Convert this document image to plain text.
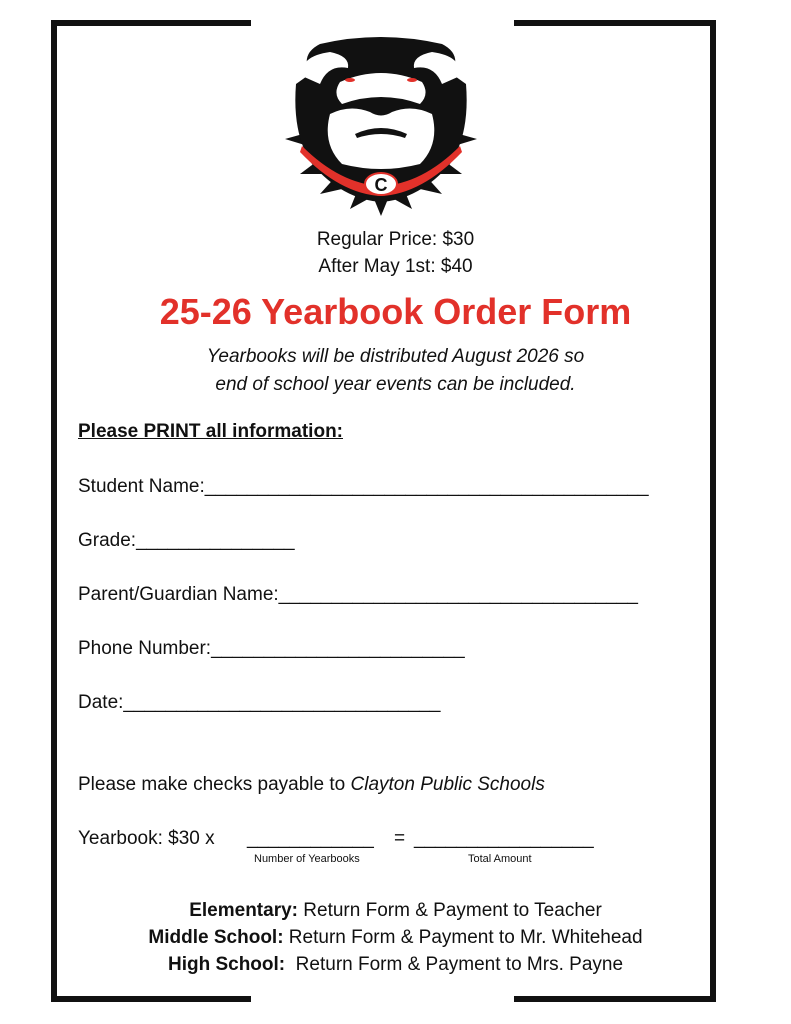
C
Regular Price: $30
After May 1st: $40
25-26 Yearbook Order Form
Yearbooks will be distributed August 2026 so
end of school year events can be included.
Please PRINT all information:
Student Name:__________________________________________
Grade:_______________
Parent/Guardian Name:__________________________________
Phone Number:________________________
Date:______________________________
Please make checks payable to Clayton Public Schools
Yearbook: $30 x ____________ = _________________
Number of Yearbooks	Total Amount
Elementary: Return Form & Payment to Teacher
Middle School: Return Form & Payment to Mr. Whitehead
High School:  Return Form & Payment to Mrs. Payne
